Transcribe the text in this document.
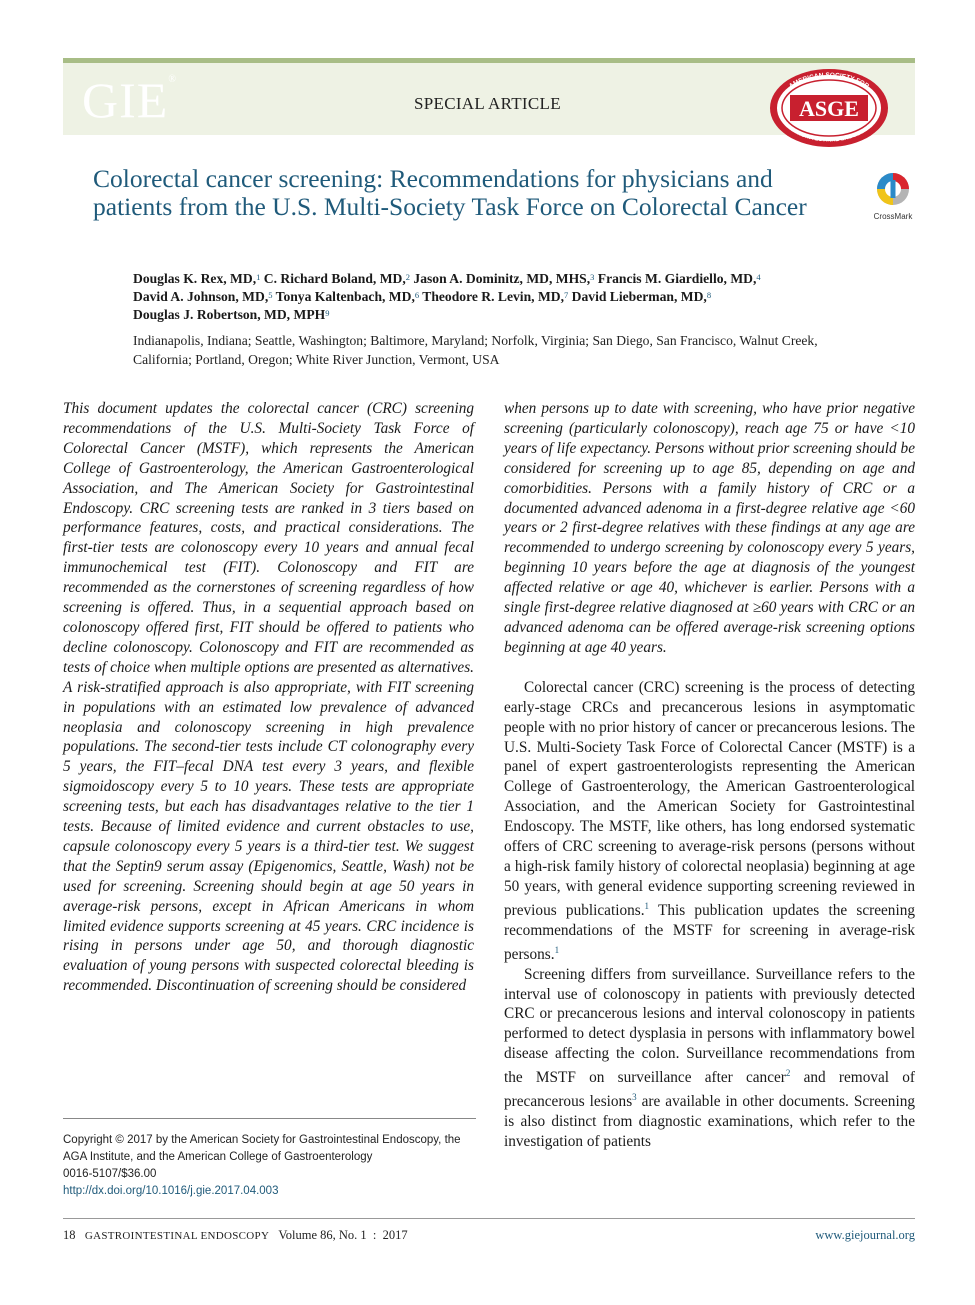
GIE®
SPECIAL ARTICLE
AMERICAN SOCIETY FOR
GASTROINTESTINAL ENDOSCOPY
ASGE
Colorectal cancer screening: Recommendations for physicians and patients from the U.S. Multi-Society Task Force on Colorectal Cancer	CrossMark
Douglas K. Rex, MD,$^1$ C. Richard Boland, MD,$^2$ Jason A. Dominitz, MD, MHS,$^3$ Francis M. Giardiello, MD,$^4$
David A. Johnson, MD,$^5$ Tonya Kaltenbach, MD,$^6$ Theodore R. Levin, MD,$^7$ David Lieberman, MD,$^8$
Douglas J. Robertson, MD, MPH$^9$
Indianapolis, Indiana; Seattle, Washington; Baltimore, Maryland; Norfolk, Virginia; San Diego, San Francisco, Walnut Creek, California; Portland, Oregon; White River Junction, Vermont, USA

This document updates the colorectal cancer (CRC) screening recommendations of the U.S. Multi-Society Task Force of Colorectal Cancer (MSTF), which represents the American College of Gastroenterology, the American Gastroenterological Association, and The American Society for Gastrointestinal Endoscopy. CRC screening tests are ranked in 3 tiers based on performance features, costs, and practical considerations. The first-tier tests are colonoscopy every 10 years and annual fecal immunochemical test (FIT). Colonoscopy and FIT are recommended as the cornerstones of screening regardless of how screening is offered. Thus, in a sequential approach based on colonoscopy offered first, FIT should be offered to patients who decline colonoscopy. Colonoscopy and FIT are recommended as tests of choice when multiple options are presented as alternatives. A risk-stratified approach is also appropriate, with FIT screening in populations with an estimated low prevalence of advanced neoplasia and colonoscopy screening in high prevalence populations. The second-tier tests include CT colonography every 5 years, the FIT–fecal DNA test every 3 years, and flexible sigmoidoscopy every 5 to 10 years. These tests are appropriate screening tests, but each has disadvantages relative to the tier 1 tests. Because of limited evidence and current obstacles to use, capsule colonoscopy every 5 years is a third-tier test. We suggest that the Septin9 serum assay (Epigenomics, Seattle, Wash) not be used for screening. Screening should begin at age 50 years in average-risk persons, except in African Americans in whom limited evidence supports screening at 45 years. CRC incidence is rising in persons under age 50, and thorough diagnostic evaluation of young persons with suspected colorectal bleeding is recommended. Discontinuation of screening should be considered

when persons up to date with screening, who have prior negative screening (particularly colonoscopy), reach age 75 or have <10 years of life expectancy. Persons without prior screening should be considered for screening up to age 85, depending on age and comorbidities. Persons with a family history of CRC or a documented advanced adenoma in a first-degree relative age <60 years or 2 first-degree relatives with these findings at any age are recommended to undergo screening by colonoscopy every 5 years, beginning 10 years before the age at diagnosis of the youngest affected relative or age 40, whichever is earlier. Persons with a single first-degree relative diagnosed at ≥60 years with CRC or an advanced adenoma can be offered average-risk screening options beginning at age 40 years.

Colorectal cancer (CRC) screening is the process of detecting early-stage CRCs and precancerous lesions in asymptomatic people with no prior history of cancer or precancerous lesions. The U.S. Multi-Society Task Force of Colorectal Cancer (MSTF) is a panel of expert gastroenterologists representing the American College of Gastroenterology, the American Gastroenterological Association, and the American Society for Gastrointestinal Endoscopy. The MSTF, like others, has long endorsed systematic offers of CRC screening to average-risk persons (persons without a high-risk family history of colorectal neoplasia) beginning at age 50 years, with general evidence supporting screening reviewed in previous publications.$^1$ This publication updates the screening recommendations of the MSTF for screening in average-risk persons.$^1$

Screening differs from surveillance. Surveillance refers to the interval use of colonoscopy in patients with previously detected CRC or precancerous lesions and interval colonoscopy in patients performed to detect dysplasia in persons with inflammatory bowel disease affecting the colon. Surveillance recommendations from the MSTF on surveillance after cancer$^2$ and removal of precancerous lesions$^3$ are available in other documents. Screening is also distinct from diagnostic examinations, which refer to the investigation of patients

Copyright © 2017 by the American Society for Gastrointestinal Endoscopy, the AGA Institute, and the American College of Gastroenterology
0016-5107/$36.00
http://dx.doi.org/10.1016/j.gie.2017.04.003
18 GASTROINTESTINAL ENDOSCOPY Volume 86, No. 1  :  2017	www.giejournal.org
